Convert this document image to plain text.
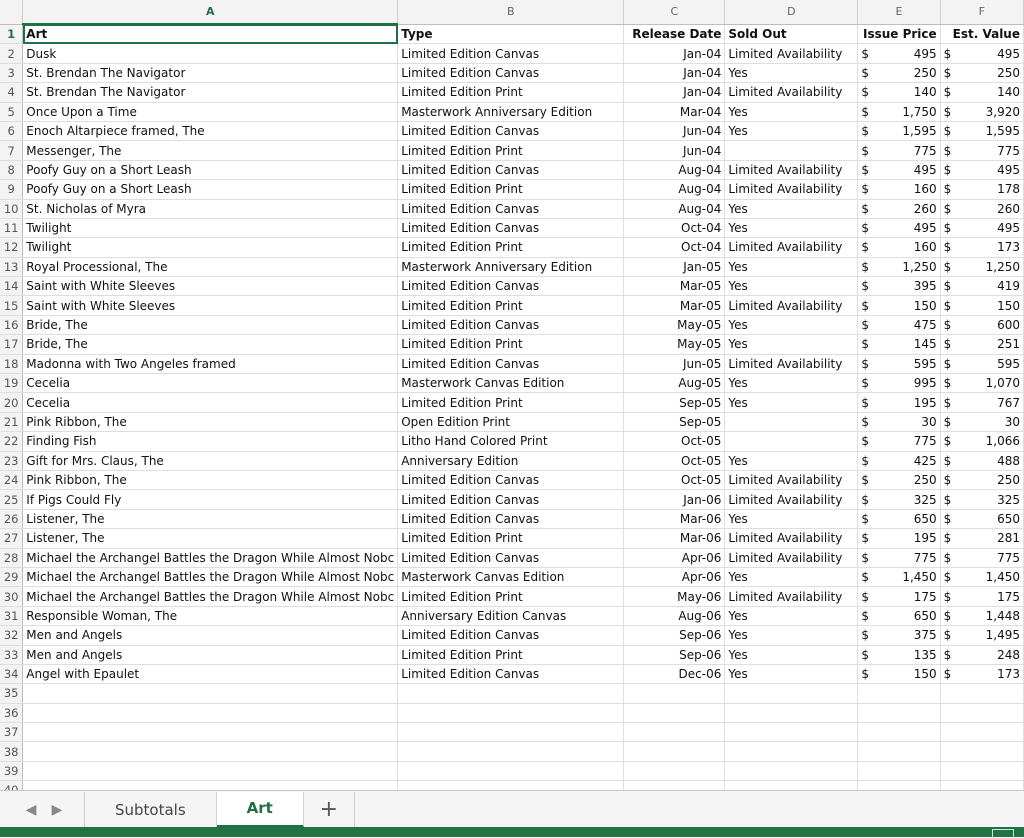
	A	B	C	D	E	F
1	Art	Type	Release Date	Sold Out	Issue Price	Est. Value
2	Dusk	Limited Edition Canvas	Jan-04	Limited Availability	$ 495	$ 495

3	St. Brendan The Navigator	Limited Edition Canvas	Jan-04	Yes	$ 250	$ 250

4	St. Brendan The Navigator	Limited Edition Print	Jan-04	Limited Availability	$ 140	$ 140

5	Once Upon a Time	Masterwork Anniversary Edition	Mar-04	Yes	$ 1,750	$ 3,920

6	Enoch Altarpiece framed, The	Limited Edition Canvas	Jun-04	Yes	$ 1,595	$ 1,595

7	Messenger, The	Limited Edition Print	Jun-04		$ 775	$ 775

8	Poofy Guy on a Short Leash	Limited Edition Canvas	Aug-04	Limited Availability	$ 495	$ 495

9	Poofy Guy on a Short Leash	Limited Edition Print	Aug-04	Limited Availability	$ 160	$ 178

10	St. Nicholas of Myra	Limited Edition Canvas	Aug-04	Yes	$ 260	$ 260

11	Twilight	Limited Edition Canvas	Oct-04	Yes	$ 495	$ 495

12	Twilight	Limited Edition Print	Oct-04	Limited Availability	$ 160	$ 173

13	Royal Processional, The	Masterwork Anniversary Edition	Jan-05	Yes	$ 1,250	$ 1,250

14	Saint with White Sleeves	Limited Edition Canvas	Mar-05	Yes	$ 395	$ 419

15	Saint with White Sleeves	Limited Edition Print	Mar-05	Limited Availability	$ 150	$ 150

16	Bride, The	Limited Edition Canvas	May-05	Yes	$ 475	$ 600

17	Bride, The	Limited Edition Print	May-05	Yes	$ 145	$ 251

18	Madonna with Two Angeles framed	Limited Edition Canvas	Jun-05	Limited Availability	$ 595	$ 595

19	Cecelia	Masterwork Canvas Edition	Aug-05	Yes	$ 995	$ 1,070

20	Cecelia	Limited Edition Print	Sep-05	Yes	$ 195	$ 767

21	Pink Ribbon, The	Open Edition Print	Sep-05		$ 30	$ 30

22	Finding Fish	Litho Hand Colored Print	Oct-05		$ 775	$ 1,066

23	Gift for Mrs. Claus, The	Anniversary Edition	Oct-05	Yes	$ 425	$ 488

24	Pink Ribbon, The	Limited Edition Canvas	Oct-05	Limited Availability	$ 250	$ 250

25	If Pigs Could Fly	Limited Edition Canvas	Jan-06	Limited Availability	$ 325	$ 325

26	Listener, The	Limited Edition Canvas	Mar-06	Yes	$ 650	$ 650

27	Listener, The	Limited Edition Print	Mar-06	Limited Availability	$ 195	$ 281

28	Michael the Archangel Battles the Dragon While Almost Nobc	Limited Edition Canvas	Apr-06	Limited Availability	$ 775	$ 775

29	Michael the Archangel Battles the Dragon While Almost Nobc	Masterwork Canvas Edition	Apr-06	Yes	$ 1,450	$ 1,450

30	Michael the Archangel Battles the Dragon While Almost Nobc	Limited Edition Print	May-06	Limited Availability	$ 175	$ 175

31	Responsible Woman, The	Anniversary Edition Canvas	Aug-06	Yes	$ 650	$ 1,448

32	Men and Angels	Limited Edition Canvas	Sep-06	Yes	$ 375	$ 1,495

33	Men and Angels	Limited Edition Print	Sep-06	Yes	$ 135	$ 248

34	Angel with Epaulet	Limited Edition Canvas	Dec-06	Yes	$ 150	$ 173

35						
36						
37						
38						
39						

◀	▶	Subtotals	Art	+
